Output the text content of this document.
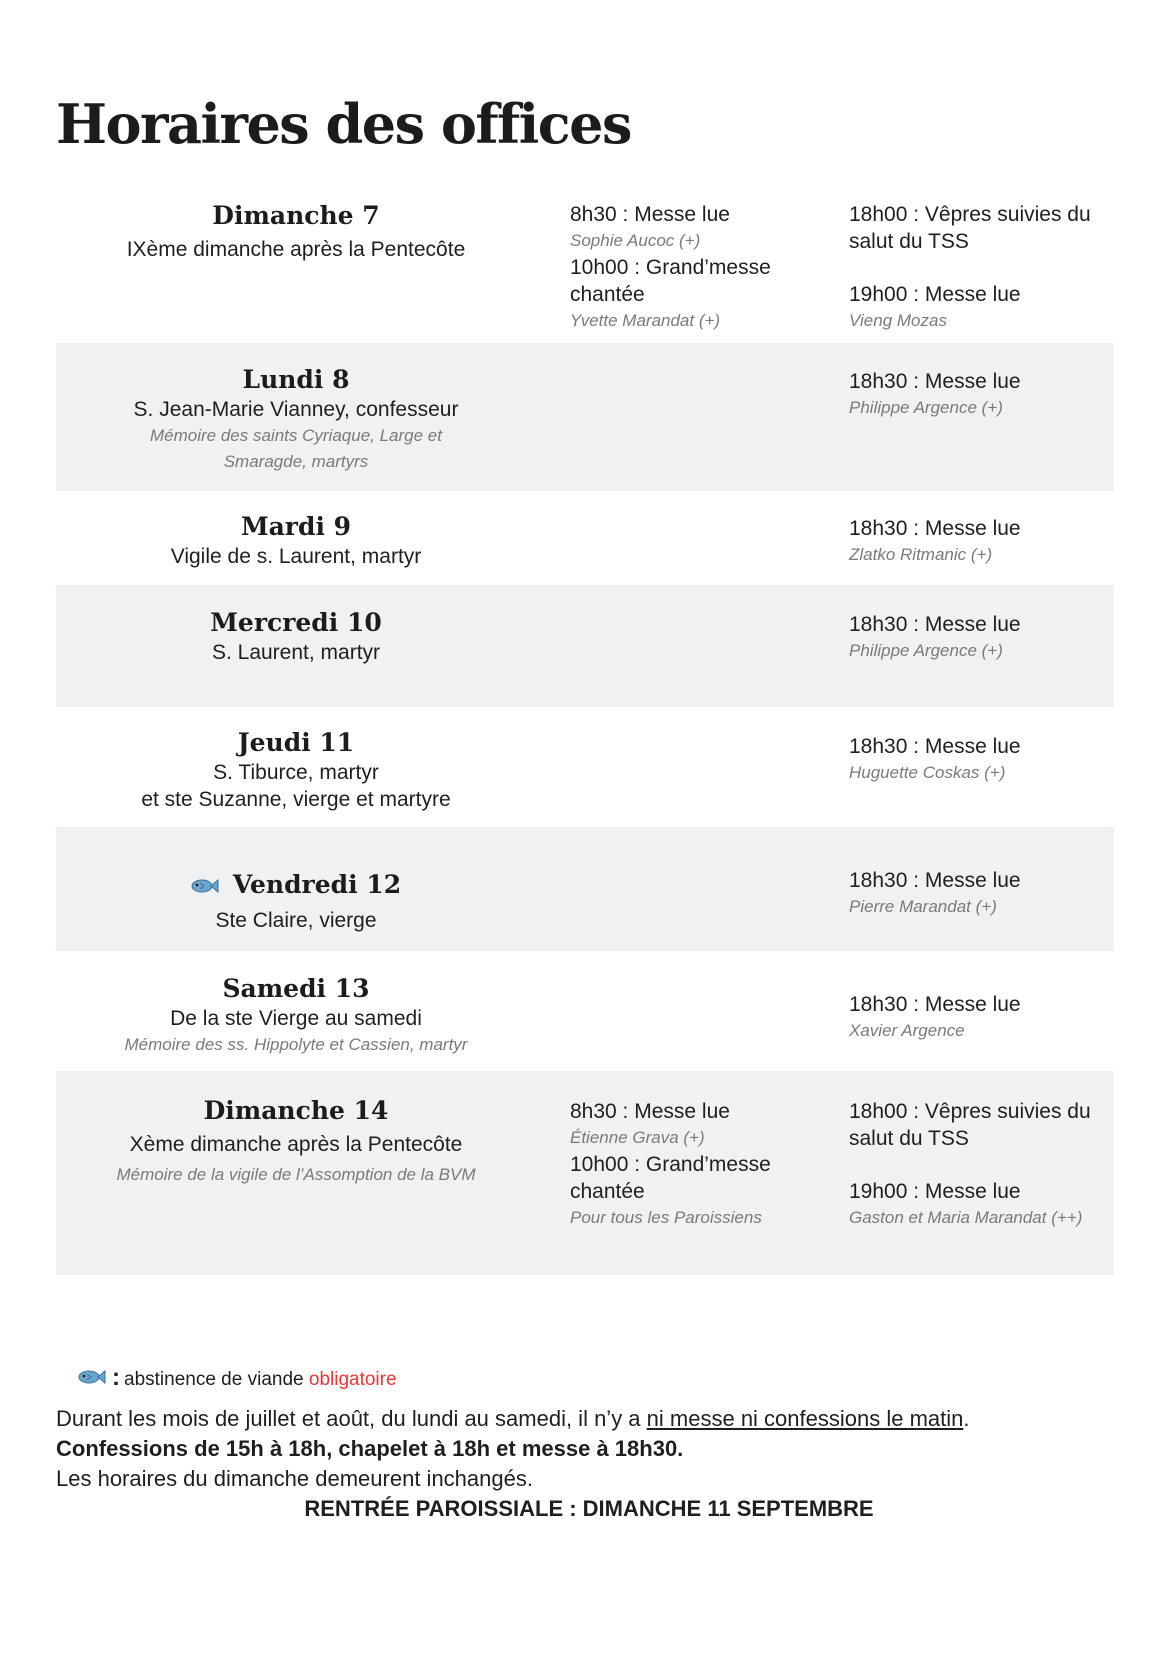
Horaires des offices
Dimanche 7
IXème dimanche après la Pentecôte
8h30 : Messe lue
Sophie Aucoc (+)
10h00 : Grand’messe chantée
Yvette Marandat (+)
18h00 : Vêpres suivies du salut du TSS
19h00 : Messe lue
Vieng Mozas
Lundi 8
S. Jean-Marie Vianney, confesseur
Mémoire des saints Cyriaque, Large et Smaragde, martyrs
18h30 : Messe lue
Philippe Argence (+)
Mardi 9
Vigile de s. Laurent, martyr
18h30 : Messe lue
Zlatko Ritmanic (+)
Mercredi 10
S. Laurent, martyr
18h30 : Messe lue
Philippe Argence (+)
Jeudi 11
S. Tiburce, martyr
et ste Suzanne, vierge et martyre
18h30 : Messe lue
Huguette Coskas (+)
Vendredi 12
Ste Claire, vierge
18h30 : Messe lue
Pierre Marandat (+)
Samedi 13
De la ste Vierge au samedi
Mémoire des ss. Hippolyte et Cassien, martyr
18h30 : Messe lue
Xavier Argence
Dimanche 14
Xème dimanche après la Pentecôte
Mémoire de la vigile de l’Assomption de la BVM
8h30 : Messe lue
Étienne Grava (+)
10h00 : Grand’messe chantée
Pour tous les Paroissiens
18h00 : Vêpres suivies du salut du TSS
19h00 : Messe lue
Gaston et Maria Marandat (++)
: abstinence de viande obligatoire
Durant les mois de juillet et août, du lundi au samedi, il n’y a ni messe ni confessions le matin.
Confessions de 15h à 18h, chapelet à 18h et messe à 18h30.
Les horaires du dimanche demeurent inchangés.
RENTRÉE PAROISSIALE : DIMANCHE 11 SEPTEMBRE
